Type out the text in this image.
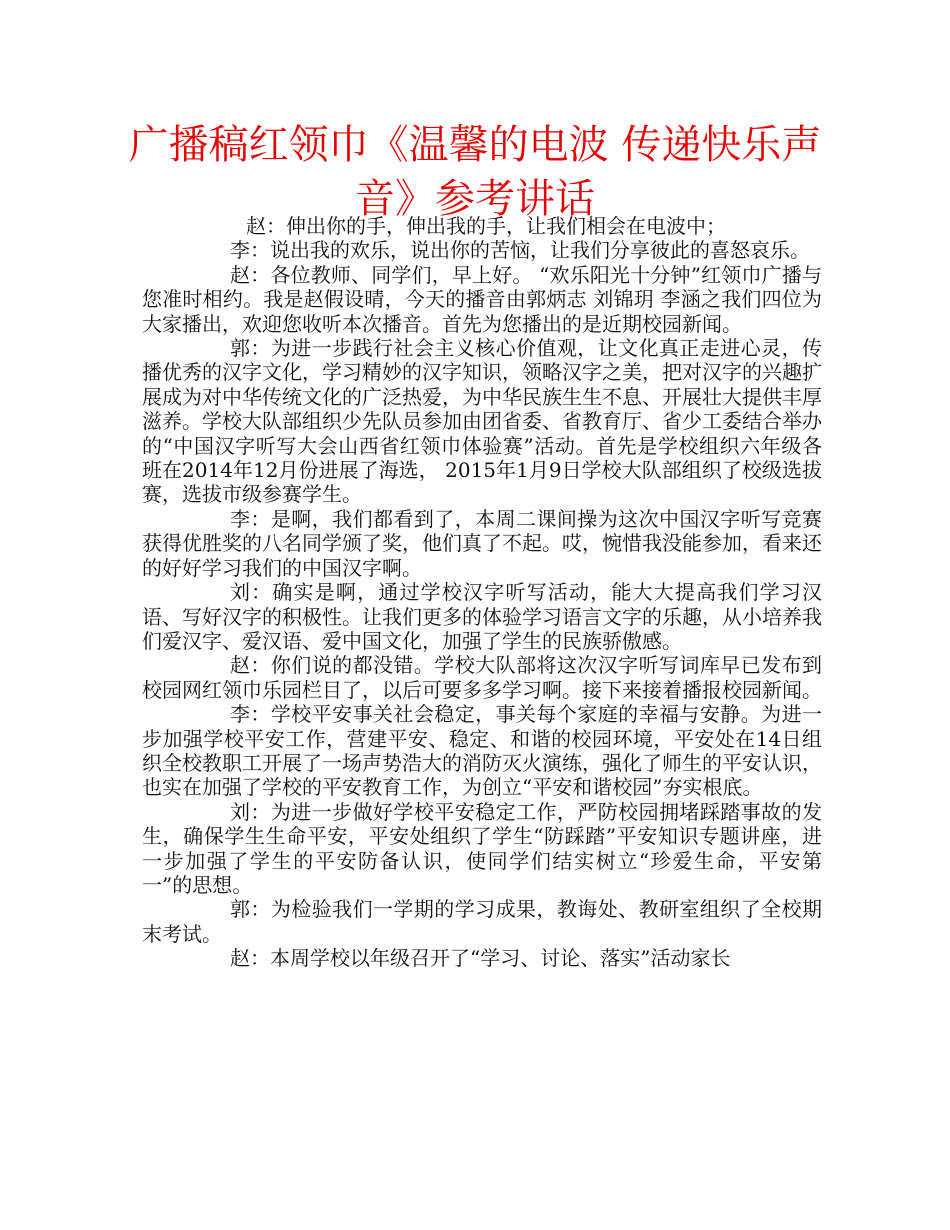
广播稿红领巾《温馨的电波 传递快乐声音》参考讲话

赵：伸出你的手，伸出我的手，让我们相会在电波中；

李：说出我的欢乐，说出你的苦恼，让我们分享彼此的喜怒哀乐。

赵：各位教师、同学们，早上好。 “欢乐阳光十分钟”红领巾广播与您准时相约。我是赵假设晴，今天的播音由郭炳志 刘锦玥 李涵之我们四位为大家播出，欢迎您收听本次播音。首先为您播出的是近期校园新闻。

郭：为进一步践行社会主义核心价值观，让文化真正走进心灵，传播优秀的汉字文化，学习精妙的汉字知识，领略汉字之美，把对汉字的兴趣扩展成为对中华传统文化的广泛热爱，为中华民族生生不息、开展壮大提供丰厚滋养。学校大队部组织少先队员参加由团省委、省教育厅、省少工委结合举办的“中国汉字听写大会山西省红领巾体验赛”活动。首先是学校组织六年级各班在2014年12月份进展了海选， 2015年1月9日学校大队部组织了校级选拔赛，选拔市级参赛学生。

李：是啊，我们都看到了，本周二课间操为这次中国汉字听写竞赛获得优胜奖的八名同学颁了奖，他们真了不起。哎，惋惜我没能参加，看来还的好好学习我们的中国汉字啊。

刘：确实是啊，通过学校汉字听写活动，能大大提高我们学习汉语、写好汉字的积极性。让我们更多的体验学习语言文字的乐趣，从小培养我们爱汉字、爱汉语、爱中国文化，加强了学生的民族骄傲感。

赵：你们说的都没错。学校大队部将这次汉字听写词库早已发布到校园网红领巾乐园栏目了，以后可要多多学习啊。接下来接着播报校园新闻。

李：学校平安事关社会稳定，事关每个家庭的幸福与安静。为进一步加强学校平安工作，营建平安、稳定、和谐的校园环境，平安处在14日组织全校教职工开展了一场声势浩大的消防灭火演练，强化了师生的平安认识，也实在加强了学校的平安教育工作，为创立“平安和谐校园”夯实根底。

刘：为进一步做好学校平安稳定工作，严防校园拥堵踩踏事故的发生，确保学生生命平安，平安处组织了学生“防踩踏”平安知识专题讲座，进一步加强了学生的平安防备认识，使同学们结实树立“珍爱生命，平安第一”的思想。

郭：为检验我们一学期的学习成果，教诲处、教研室组织了全校期末考试。

赵：本周学校以年级召开了“学习、讨论、落实”活动家长
